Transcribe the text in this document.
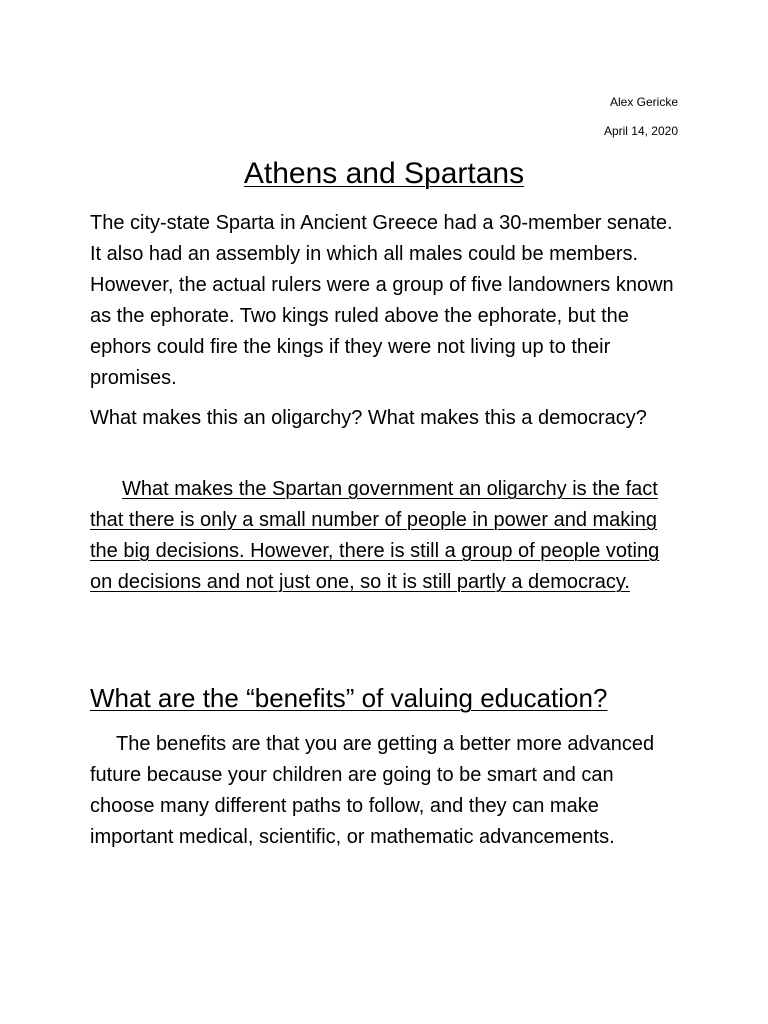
Alex Gericke
April 14, 2020
Athens and Spartans
The city-state Sparta in Ancient Greece had a 30-member senate. It also had an assembly in which all males could be members. However, the actual rulers were a group of five landowners known as the ephorate. Two kings ruled above the ephorate, but the ephors could fire the kings if they were not living up to their promises.
What makes this an oligarchy? What makes this a democracy?
What makes the Spartan government an oligarchy is the fact that there is only a small number of people in power and making the big decisions. However, there is still a group of people voting on decisions and not just one, so it is still partly a democracy.
What are the “benefits” of valuing education?
The benefits are that you are getting a better more advanced future because your children are going to be smart and can choose many different paths to follow, and they can make important medical, scientific, or mathematic advancements.
